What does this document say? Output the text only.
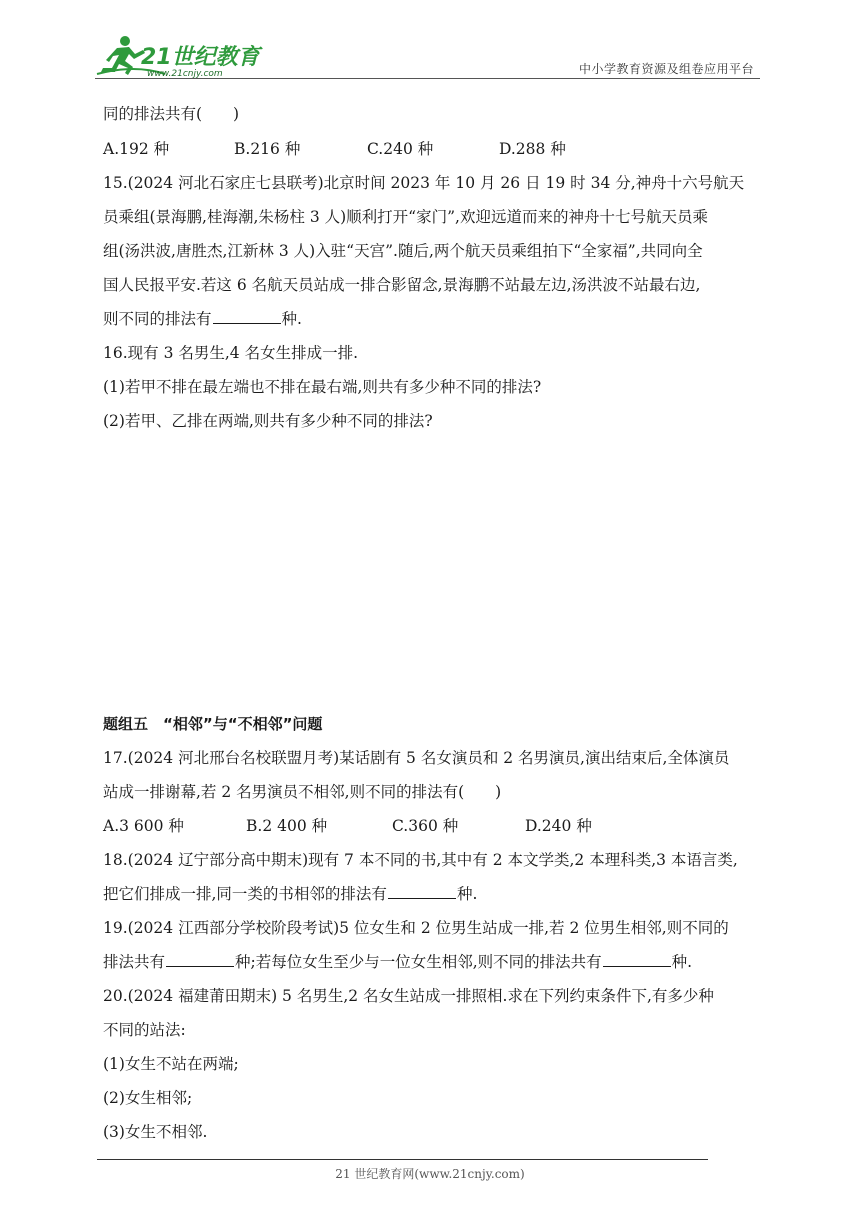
21世纪教育
www.21cnjy.com	中小学教育资源及组卷应用平台
同的排法共有(　　)
A.192 种	B.216 种	C.240 种	D.288 种
15.(2024 河北石家庄七县联考)北京时间 2023 年 10 月 26 日 19 时 34 分,神舟十六号航天
员乘组(景海鹏,桂海潮,朱杨柱 3 人)顺利打开“家门”,欢迎远道而来的神舟十七号航天员乘
组(汤洪波,唐胜杰,江新林 3 人)入驻“天宫”.随后,两个航天员乘组拍下“全家福”,共同向全
国人民报平安.若这 6 名航天员站成一排合影留念,景海鹏不站最左边,汤洪波不站最右边,
则不同的排法有	种.
16.现有 3 名男生,4 名女生排成一排.
(1)若甲不排在最左端也不排在最右端,则共有多少种不同的排法?
(2)若甲、乙排在两端,则共有多少种不同的排法?
题组五　“相邻”与“不相邻”问题
17.(2024 河北邢台名校联盟月考)某话剧有 5 名女演员和 2 名男演员,演出结束后,全体演员
站成一排谢幕,若 2 名男演员不相邻,则不同的排法有(　　)
A.3 600 种	B.2 400 种	C.360 种	D.240 种
18.(2024 辽宁部分高中期末)现有 7 本不同的书,其中有 2 本文学类,2 本理科类,3 本语言类,
把它们排成一排,同一类的书相邻的排法有	种.
19.(2024 江西部分学校阶段考试)5 位女生和 2 位男生站成一排,若 2 位男生相邻,则不同的
排法共有	种;若每位女生至少与一位女生相邻,则不同的排法共有	种.
20.(2024 福建莆田期末) 5 名男生,2 名女生站成一排照相.求在下列约束条件下,有多少种
不同的站法:
(1)女生不站在两端;
(2)女生相邻;
(3)女生不相邻.
21 世纪教育网(www.21cnjy.com)
